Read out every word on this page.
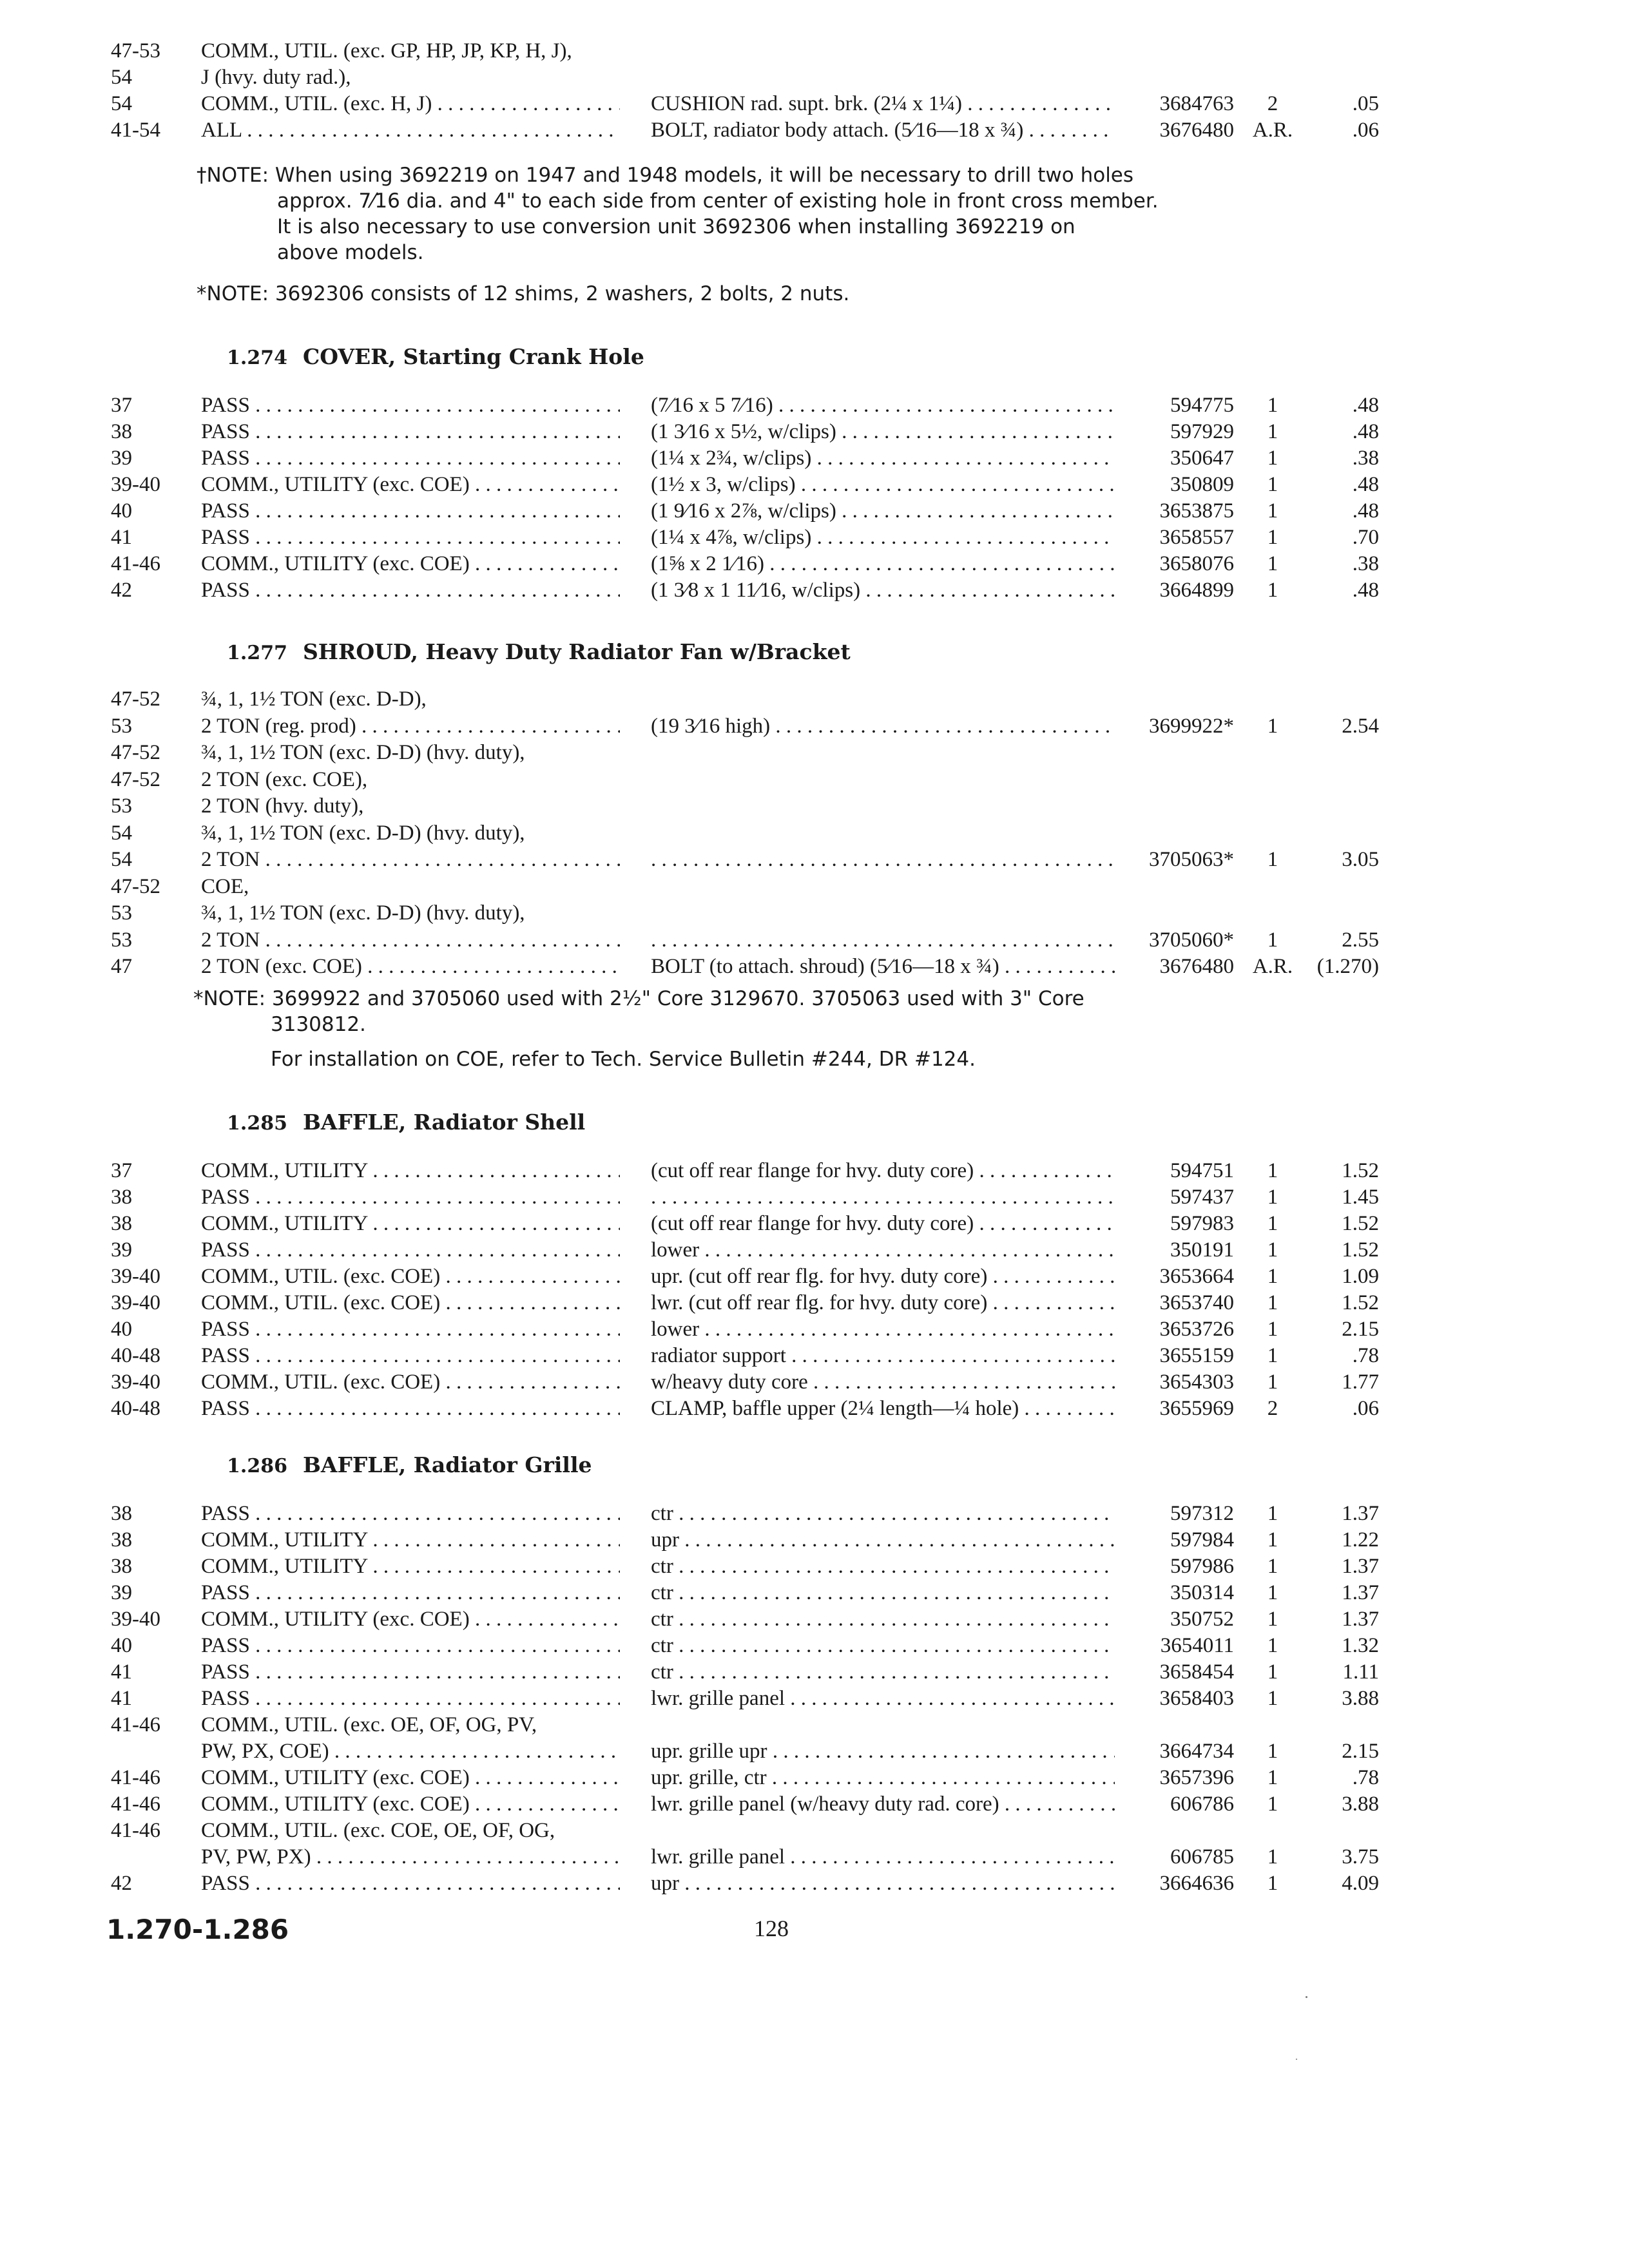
47-53	COMM., UTIL. (exc. GP, HP, JP, KP, H, J),
54	J (hvy. duty rad.),
54	COMM., UTIL. (exc. H, J) . . .	CUSHION rad. supt. brk. (2¼ x 1¼) . . .	3684763	2	.05
41-54	ALL . . .	BOLT, radiator body attach. (5⁄16—18 x ¾) . . .	3676480 A.R.	.06
†NOTE: When using 3692219 on 1947 and 1948 models, it will be necessary to drill two holes
approx. 7⁄16 dia. and 4" to each side from center of existing hole in front cross member.
It is also necessary to use conversion unit 3692306 when installing 3692219 on
above models.
*NOTE: 3692306 consists of 12 shims, 2 washers, 2 bolts, 2 nuts.
1.274 COVER, Starting Crank Hole
37	PASS . . .	(7⁄16 x 5 7⁄16) . . .	594775	1	.48
38	PASS . . .	(1 3⁄16 x 5½, w/clips) . . .	597929	1	.48
39	PASS . . .	(1¼ x 2¾, w/clips) . . .	350647	1	.38
39-40	COMM., UTILITY (exc. COE) . . .	(1½ x 3, w/clips) . . .	350809	1	.48
40	PASS . . .	(1 9⁄16 x 2⅞, w/clips) . . .	3653875	1	.48
41	PASS . . .	(1¼ x 4⅞, w/clips) . . .	3658557	1	.70
41-46	COMM., UTILITY (exc. COE) . . .	(1⅝ x 2 1⁄16) . . .	3658076	1	.38
42	PASS . . .	(1 3⁄8 x 1 11⁄16, w/clips) . . .	3664899	1	.48
1.277 SHROUD, Heavy Duty Radiator Fan w/Bracket
47-52	¾, 1, 1½ TON (exc. D-D),
53	2 TON (reg. prod) . . .	(19 3⁄16 high) . . .	3699922*	1	2.54
47-52	¾, 1, 1½ TON (exc. D-D) (hvy. duty),
47-52	2 TON (exc. COE),
53	2 TON (hvy. duty),
54	¾, 1, 1½ TON (exc. D-D) (hvy. duty),
54	2 TON . . . . . .	3705063*	1	3.05
47-52	COE,
53	¾, 1, 1½ TON (exc. D-D) (hvy. duty),
53	2 TON . . . . . .	3705060*	1	2.55
47	2 TON (exc. COE) . . .	BOLT (to attach. shroud) (5⁄16—18 x ¾) . . .	3676480 A.R.	(1.270)
*NOTE: 3699922 and 3705060 used with 2½" Core 3129670. 3705063 used with 3" Core
3130812.
For installation on COE, refer to Tech. Service Bulletin #244, DR #124.
1.285 BAFFLE, Radiator Shell
37	COMM., UTILITY . . .	(cut off rear flange for hvy. duty core) . . .	594751	1	1.52
38	PASS . . . . . .	597437	1	1.45
38	COMM., UTILITY . . .	(cut off rear flange for hvy. duty core) . . .	597983	1	1.52
39	PASS . . .	lower . . .	350191	1	1.52
39-40	COMM., UTIL. (exc. COE) . . .	upr. (cut off rear flg. for hvy. duty core) . . .	3653664	1	1.09
39-40	COMM., UTIL. (exc. COE) . . .	lwr. (cut off rear flg. for hvy. duty core) . . .	3653740	1	1.52
40	PASS . . .	lower . . .	3653726	1	2.15
40-48	PASS . . .	radiator support . . .	3655159	1	.78
39-40	COMM., UTIL. (exc. COE) . . .	w/heavy duty core . . .	3654303	1	1.77
40-48	PASS . . .	CLAMP, baffle upper (2¼ length—¼ hole) . . .	3655969	2	.06
1.286 BAFFLE, Radiator Grille
38	PASS . . .	ctr . . .	597312	1	1.37
38	COMM., UTILITY . . .	upr . . .	597984	1	1.22
38	COMM., UTILITY . . .	ctr . . .	597986	1	1.37
39	PASS . . .	ctr . . .	350314	1	1.37
39-40	COMM., UTILITY (exc. COE) . . .	ctr . . .	350752	1	1.37
40	PASS . . .	ctr . . .	3654011	1	1.32
41	PASS . . .	ctr . . .	3658454	1	1.11
41	PASS . . .	lwr. grille panel . . .	3658403	1	3.88
41-46	COMM., UTIL. (exc. OE, OF, OG, PV,
PW, PX, COE) . . .	upr. grille upr . . .	3664734	1	2.15
41-46	COMM., UTILITY (exc. COE) . . .	upr. grille, ctr . . .	3657396	1	.78
41-46	COMM., UTILITY (exc. COE) . . .	lwr. grille panel (w/heavy duty rad. core) . . .	606786	1	3.88
41-46	COMM., UTIL. (exc. COE, OE, OF, OG,
PV, PW, PX) . . .	lwr. grille panel . . .	606785	1	3.75
42	PASS . . .	upr . . .	3664636	1	4.09
1.270-1.286	128
